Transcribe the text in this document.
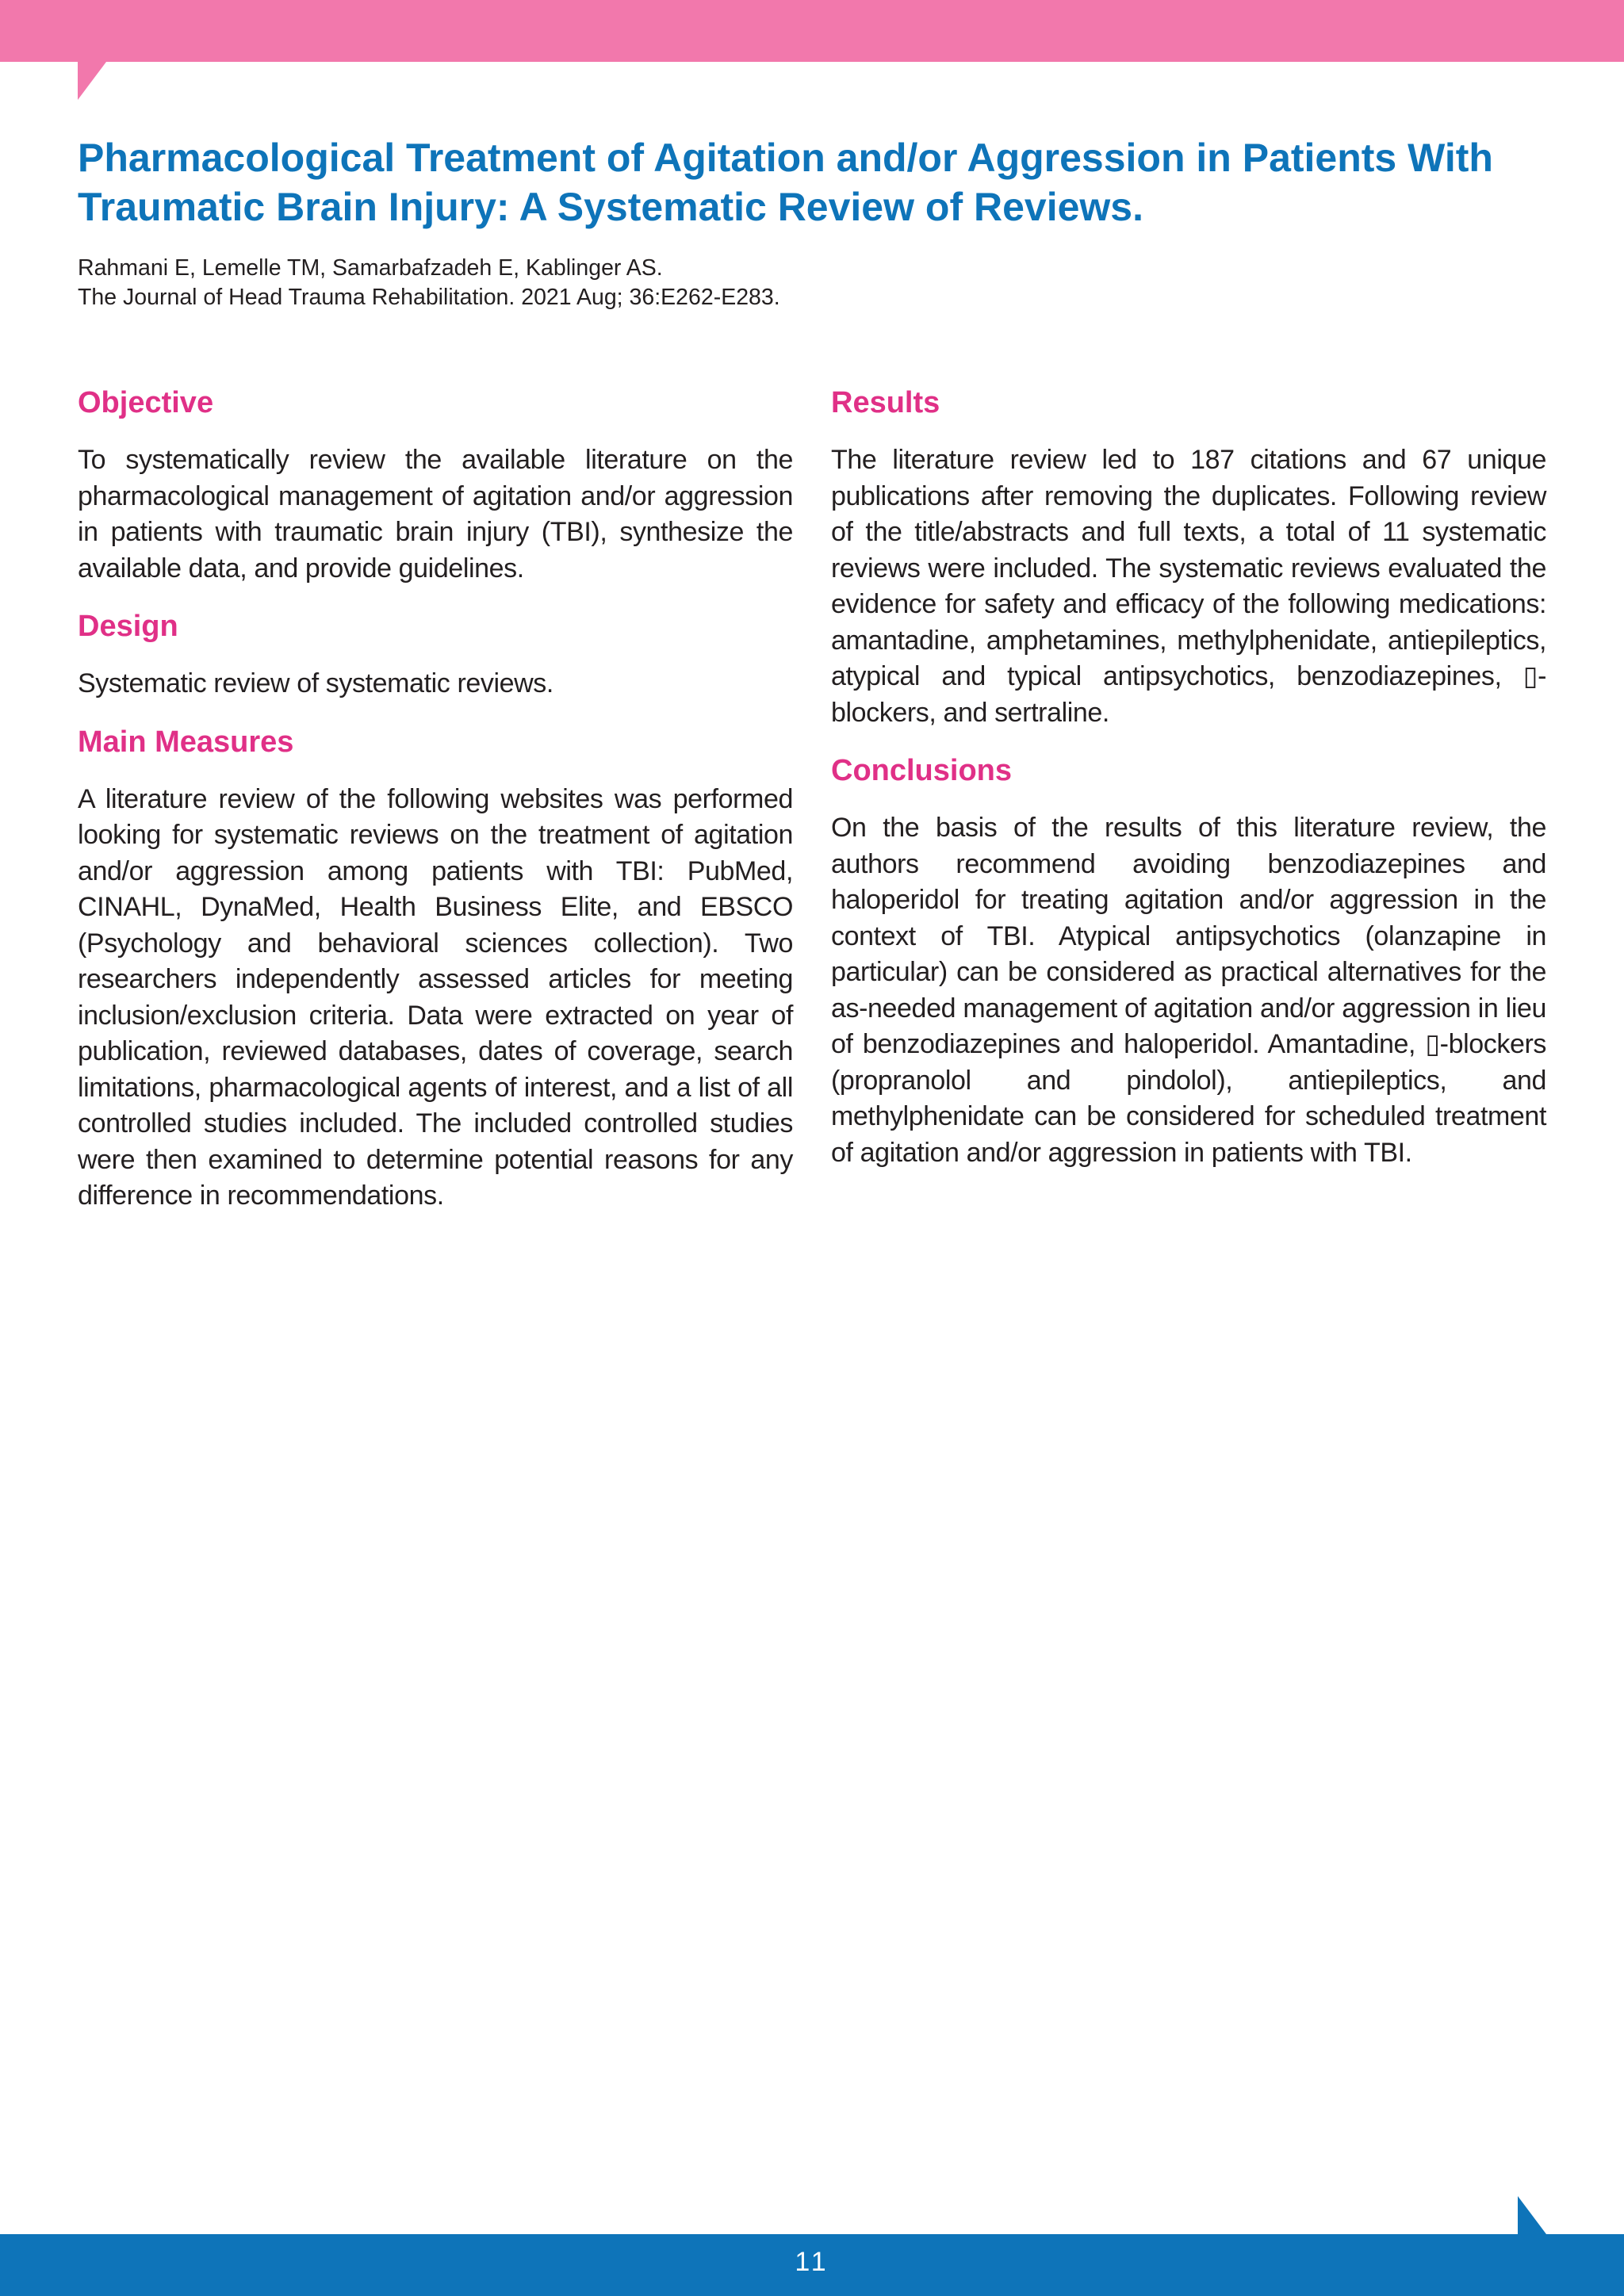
Pharmacological Treatment of Agitation and/or Aggression in Patients With Traumatic Brain Injury: A Systematic Review of Reviews.
Rahmani E, Lemelle TM, Samarbafzadeh E, Kablinger AS.
The Journal of Head Trauma Rehabilitation. 2021 Aug; 36:E262-E283.
Objective

To systematically review the available literature on the pharmacological management of agitation and/or aggression in patients with traumatic brain injury (TBI), synthesize the available data, and provide guidelines.

Design

Systematic review of systematic reviews.

Main Measures

A literature review of the following websites was performed looking for systematic reviews on the treatment of agitation and/or aggression among patients with TBI: PubMed, CINAHL, DynaMed, Health Business Elite, and EBSCO (Psychology and behavioral sciences collection). Two researchers independently assessed articles for meeting inclusion/exclusion criteria. Data were extracted on year of publication, reviewed databases, dates of coverage, search limitations, pharmacological agents of interest, and a list of all controlled studies included. The included controlled studies were then examined to determine potential reasons for any difference in recommendations.

Results

The literature review led to 187 citations and 67 unique publications after removing the duplicates. Following review of the title/abstracts and full texts, a total of 11 systematic reviews were included. The systematic reviews evaluated the evidence for safety and efficacy of the following medications: amantadine, amphetamines, methylphenidate, antiepileptics, atypical and typical antipsychotics, benzodiazepines, ▯-blockers, and sertraline.

Conclusions

On the basis of the results of this literature review, the authors recommend avoiding benzodiazepines and haloperidol for treating agitation and/or aggression in the context of TBI. Atypical antipsychotics (olanzapine in particular) can be considered as practical alternatives for the as-needed management of agitation and/or aggression in lieu of benzodiazepines and haloperidol. Amantadine, ▯-blockers (propranolol and pindolol), antiepileptics, and methylphenidate can be considered for scheduled treatment of agitation and/or aggression in patients with TBI.

11
